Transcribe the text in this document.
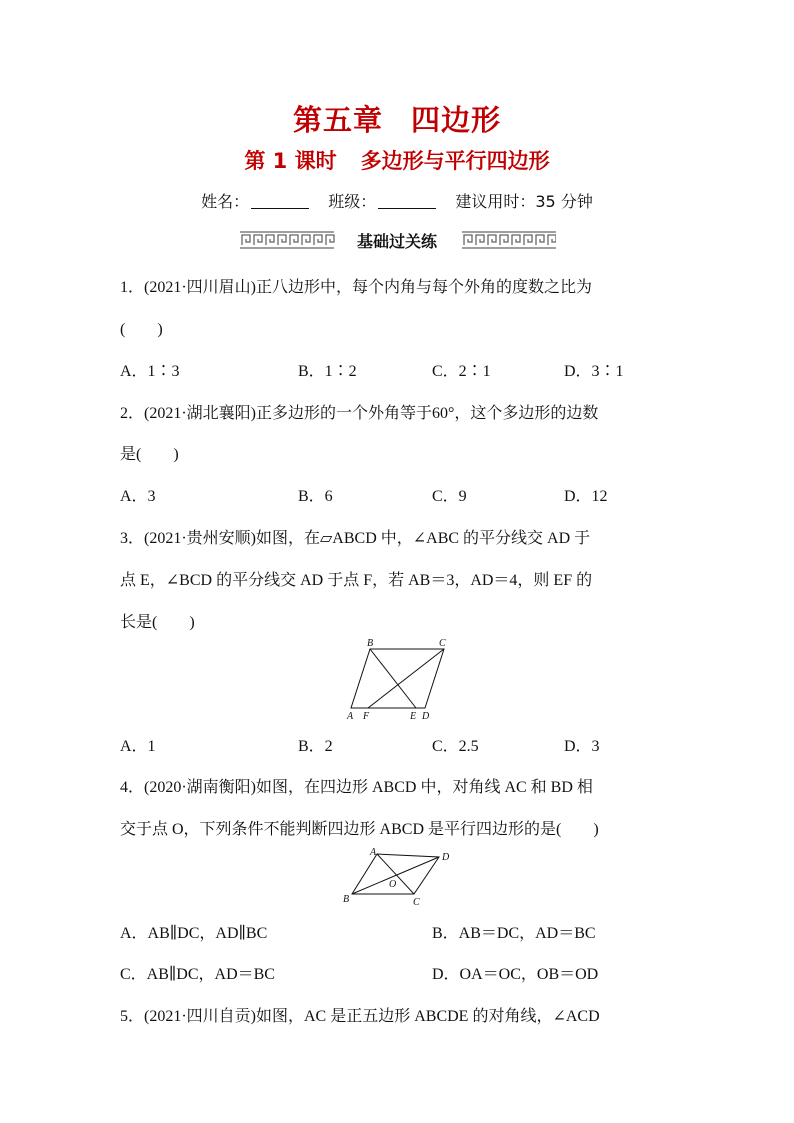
第五章 四边形
第 1 课时 多边形与平行四边形
姓名：	班级：	建议用时：35 分钟
基础过关练
1．(2021·四川眉山)正八边形中，每个内角与每个外角的度数之比为
(　　)
A．1∶3	B．1∶2	C．2∶1	D．3∶1
2．(2021·湖北襄阳)正多边形的一个外角等于60°，这个多边形的边数
是(　　)
A．3	B．6	C．9	D．12
3．(2021·贵州安顺)如图，在▱ABCD 中，∠ABC 的平分线交 AD 于
点 E，∠BCD 的平分线交 AD 于点 F，若 AB＝3，AD＝4，则 EF 的
长是(　　)
B	C
A F	E D
A．1	B．2	C．2.5	D．3
4．(2020·湖南衡阳)如图，在四边形 ABCD 中，对角线 AC 和 BD 相
交于点 O，下列条件不能判断四边形 ABCD 是平行四边形的是(　　)
A	D
O
B	C
A．AB∥DC，AD∥BC	B．AB＝DC，AD＝BC
C．AB∥DC，AD＝BC	D．OA＝OC，OB＝OD
5．(2021·四川自贡)如图，AC 是正五边形 ABCDE 的对角线，∠ACD
